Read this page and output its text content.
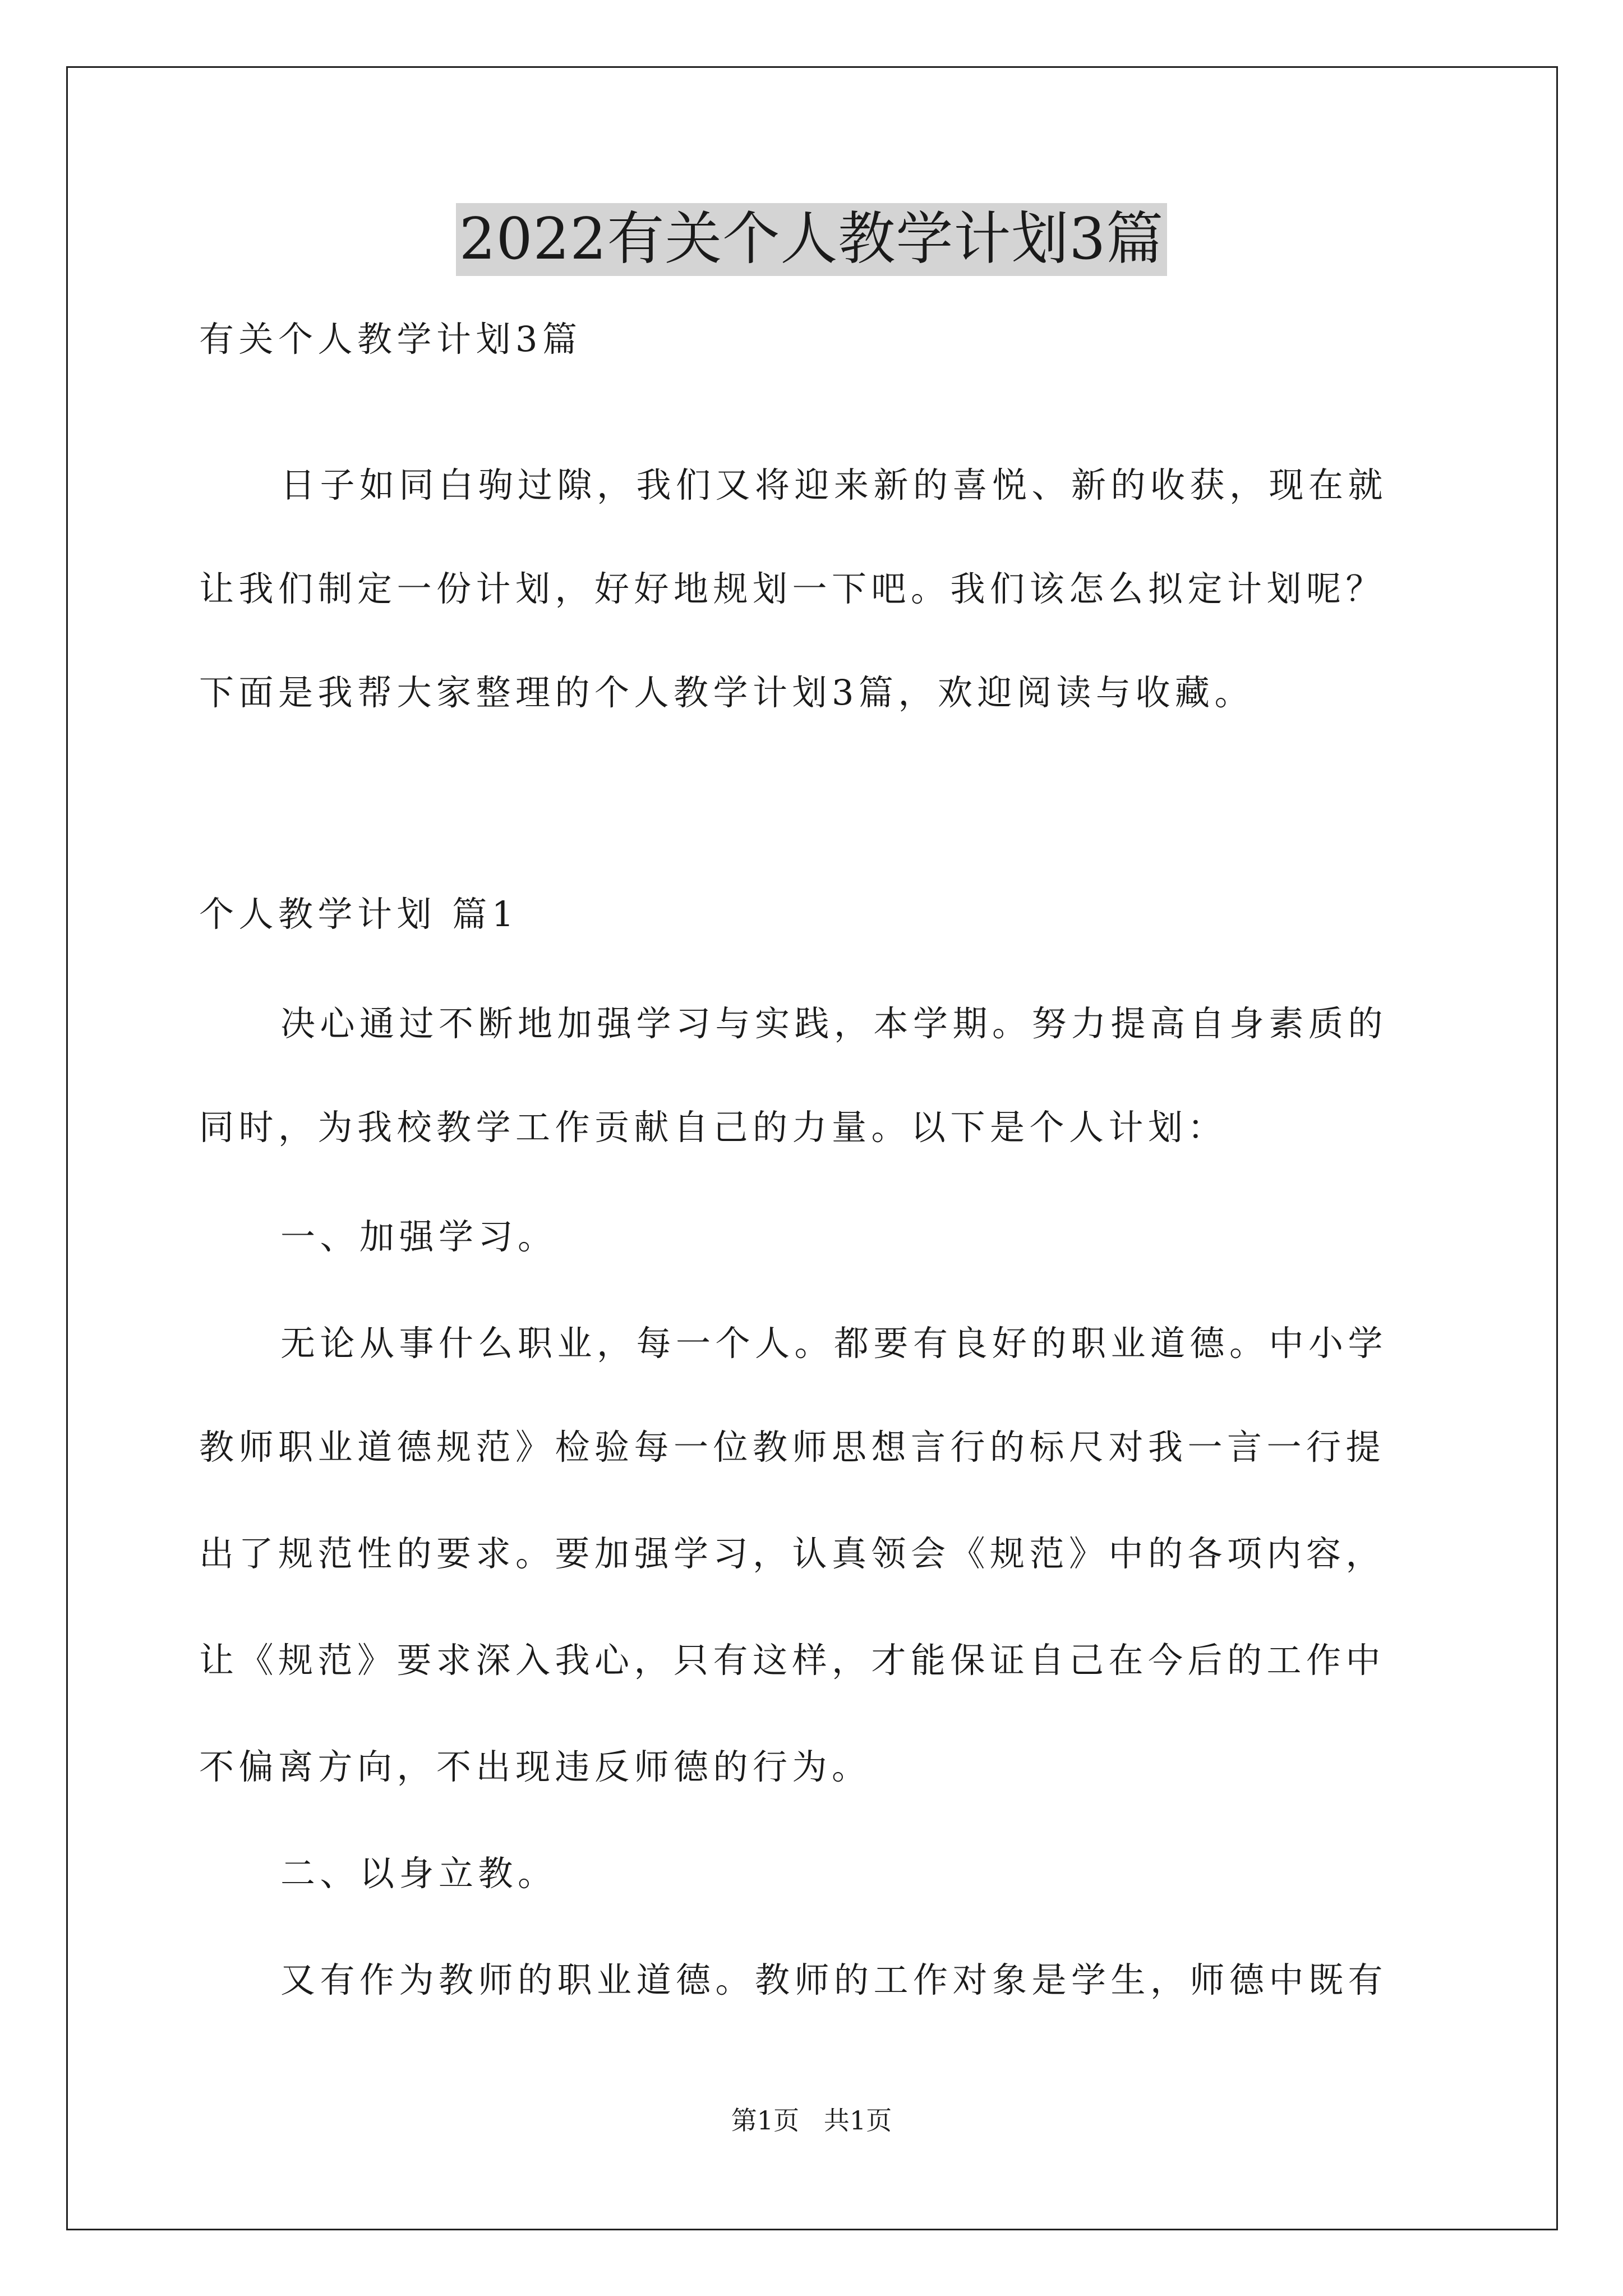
2022有关个人教学计划3篇
有关个人教学计划3篇
日子如同白驹过隙，我们又将迎来新的喜悦、新的收获，现在就
让我们制定一份计划，好好地规划一下吧。我们该怎么拟定计划呢？
下面是我帮大家整理的个人教学计划3篇，欢迎阅读与收藏。
个人教学计划 篇1
决心通过不断地加强学习与实践，本学期。努力提高自身素质的
同时，为我校教学工作贡献自己的力量。以下是个人计划：
一、加强学习。
无论从事什么职业，每一个人。都要有良好的职业道德。中小学
教师职业道德规范》检验每一位教师思想言行的标尺对我一言一行提
出了规范性的要求。要加强学习，认真领会《规范》中的各项内容，
让《规范》要求深入我心，只有这样，才能保证自己在今后的工作中
不偏离方向，不出现违反师德的行为。
二、以身立教。
又有作为教师的职业道德。教师的工作对象是学生，师德中既有
第1页   共1页
